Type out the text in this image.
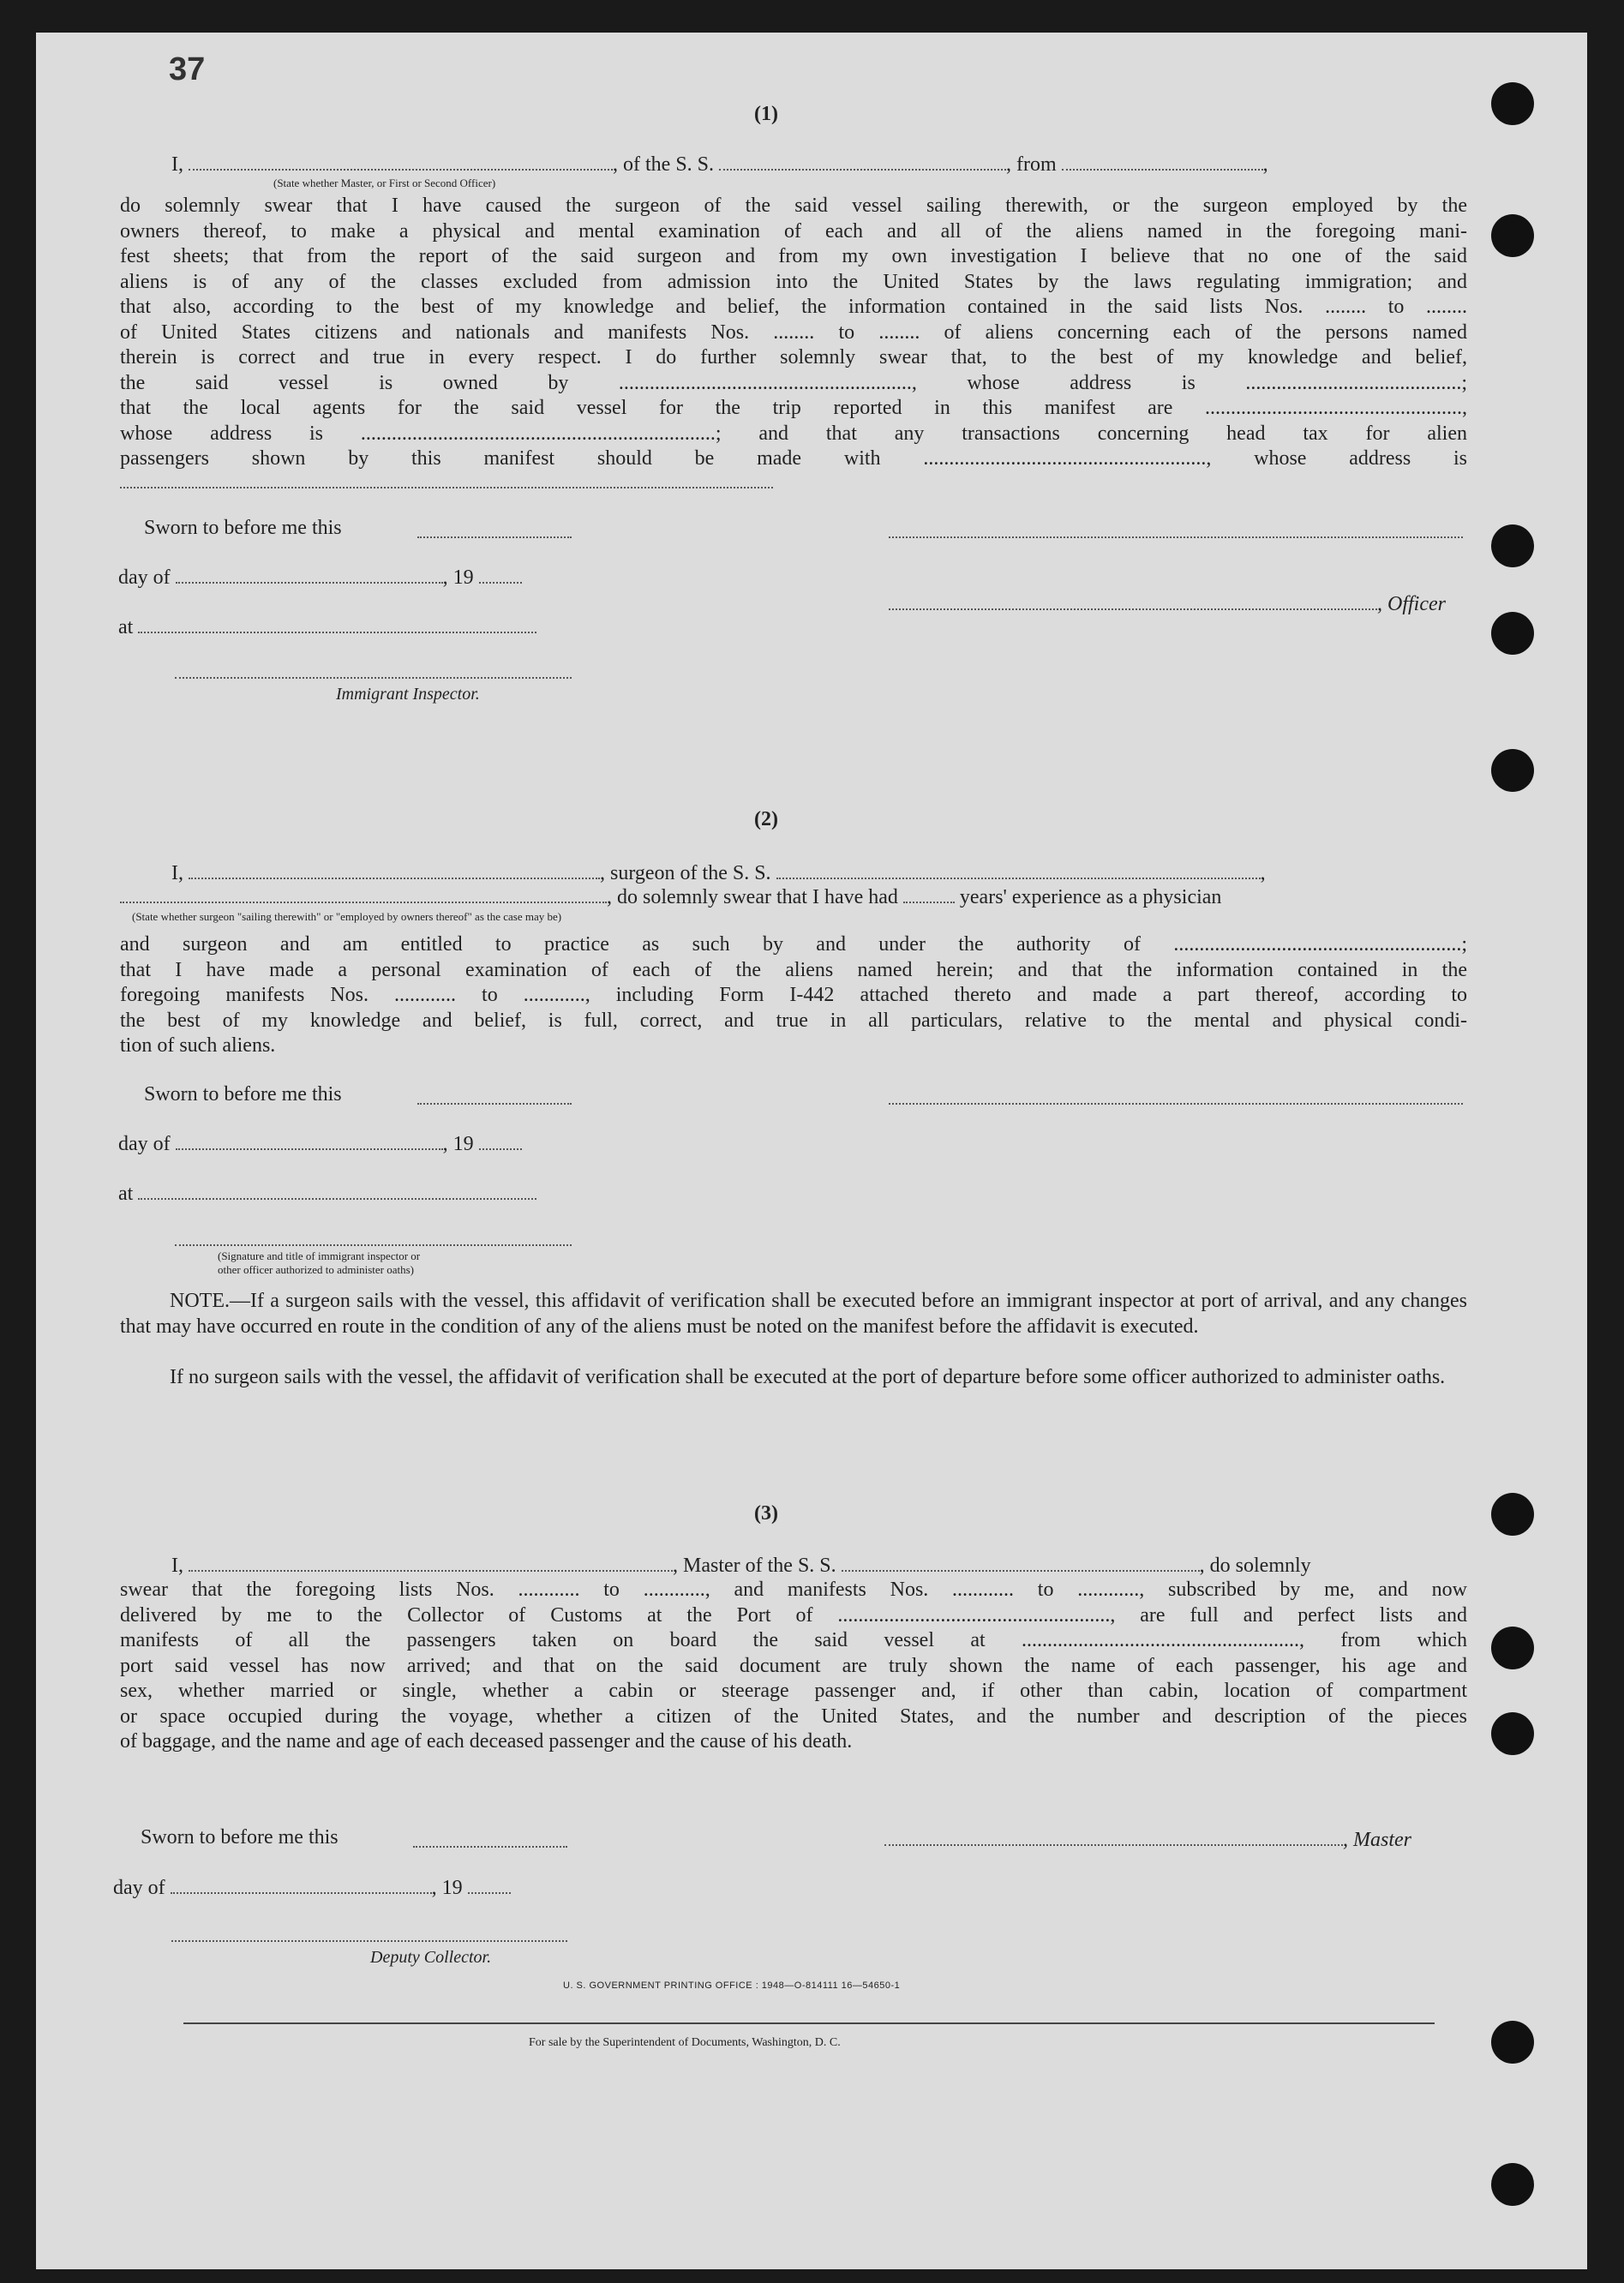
37

(1)
I,	, of the S. S.	, from	,
(State whether Master, or First or Second Officer)
do solemnly swear that I have caused the surgeon of the said vessel sailing therewith, or the surgeon employed by the
owners thereof, to make a physical and mental examination of each and all of the aliens named in the foregoing mani-
fest sheets; that from the report of the said surgeon and from my own investigation I believe that no one of the said
aliens is of any of the classes excluded from admission into the United States by the laws regulating immigration; and
that also, according to the best of my knowledge and belief, the information contained in the said lists Nos. ........ to ........
of United States citizens and nationals and manifests Nos. ........ to ........ of aliens concerning each of the persons named
therein is correct and true in every respect. I do further solemnly swear that, to the best of my knowledge and belief,
the said vessel is owned by ........................................................., whose address is ..........................................;
that the local agents for the said vessel for the trip reported in this manifest are ..................................................,
whose address is .....................................................................; and that any transactions concerning head tax for alien
passengers shown by this manifest should be made with ......................................................., whose address is
Sworn to before me this
day of	, 19
, Officer
at
Immigrant Inspector.
(2)
I,	, surgeon of the S. S.	,
, do solemnly swear that I have had	years' experience as a physician
(State whether surgeon "sailing therewith" or "employed by owners thereof" as the case may be)
and surgeon and am entitled to practice as such by and under the authority of ........................................................;
that I have made a personal examination of each of the aliens named herein; and that the information contained in the
foregoing manifests Nos. ............ to ............, including Form I-442 attached thereto and made a part thereof, according to
the best of my knowledge and belief, is full, correct, and true in all particulars, relative to the mental and physical condi-
tion of such aliens.
Sworn to before me this
day of	, 19
at
(Signature and title of immigrant inspector or
other officer authorized to administer oaths)
NOTE.—If a surgeon sails with the vessel, this affidavit of verification shall be executed before an immigrant inspector at port of arrival, and any changes that may have occurred en route in the condition of any of the aliens must be noted on the manifest before the affidavit is executed.
If no surgeon sails with the vessel, the affidavit of verification shall be executed at the port of departure before some officer authorized to administer oaths.
(3)
I,	, Master of the S. S.	, do solemnly
swear that the foregoing lists Nos. ............ to ............, and manifests Nos. ............ to ............, subscribed by me, and now
delivered by me to the Collector of Customs at the Port of ....................................................., are full and perfect lists and
manifests of all the passengers taken on board the said vessel at ......................................................, from which
port said vessel has now arrived; and that on the said document are truly shown the name of each passenger, his age and
sex, whether married or single, whether a cabin or steerage passenger and, if other than cabin, location of compartment
or space occupied during the voyage, whether a citizen of the United States, and the number and description of the pieces
of baggage, and the name and age of each deceased passenger and the cause of his death.
Sworn to before me this	, Master
day of	, 19
Deputy Collector.
U. S. GOVERNMENT PRINTING OFFICE : 1948—O-814111 16—54650-1
For sale by the Superintendent of Documents, Washington, D. C.
